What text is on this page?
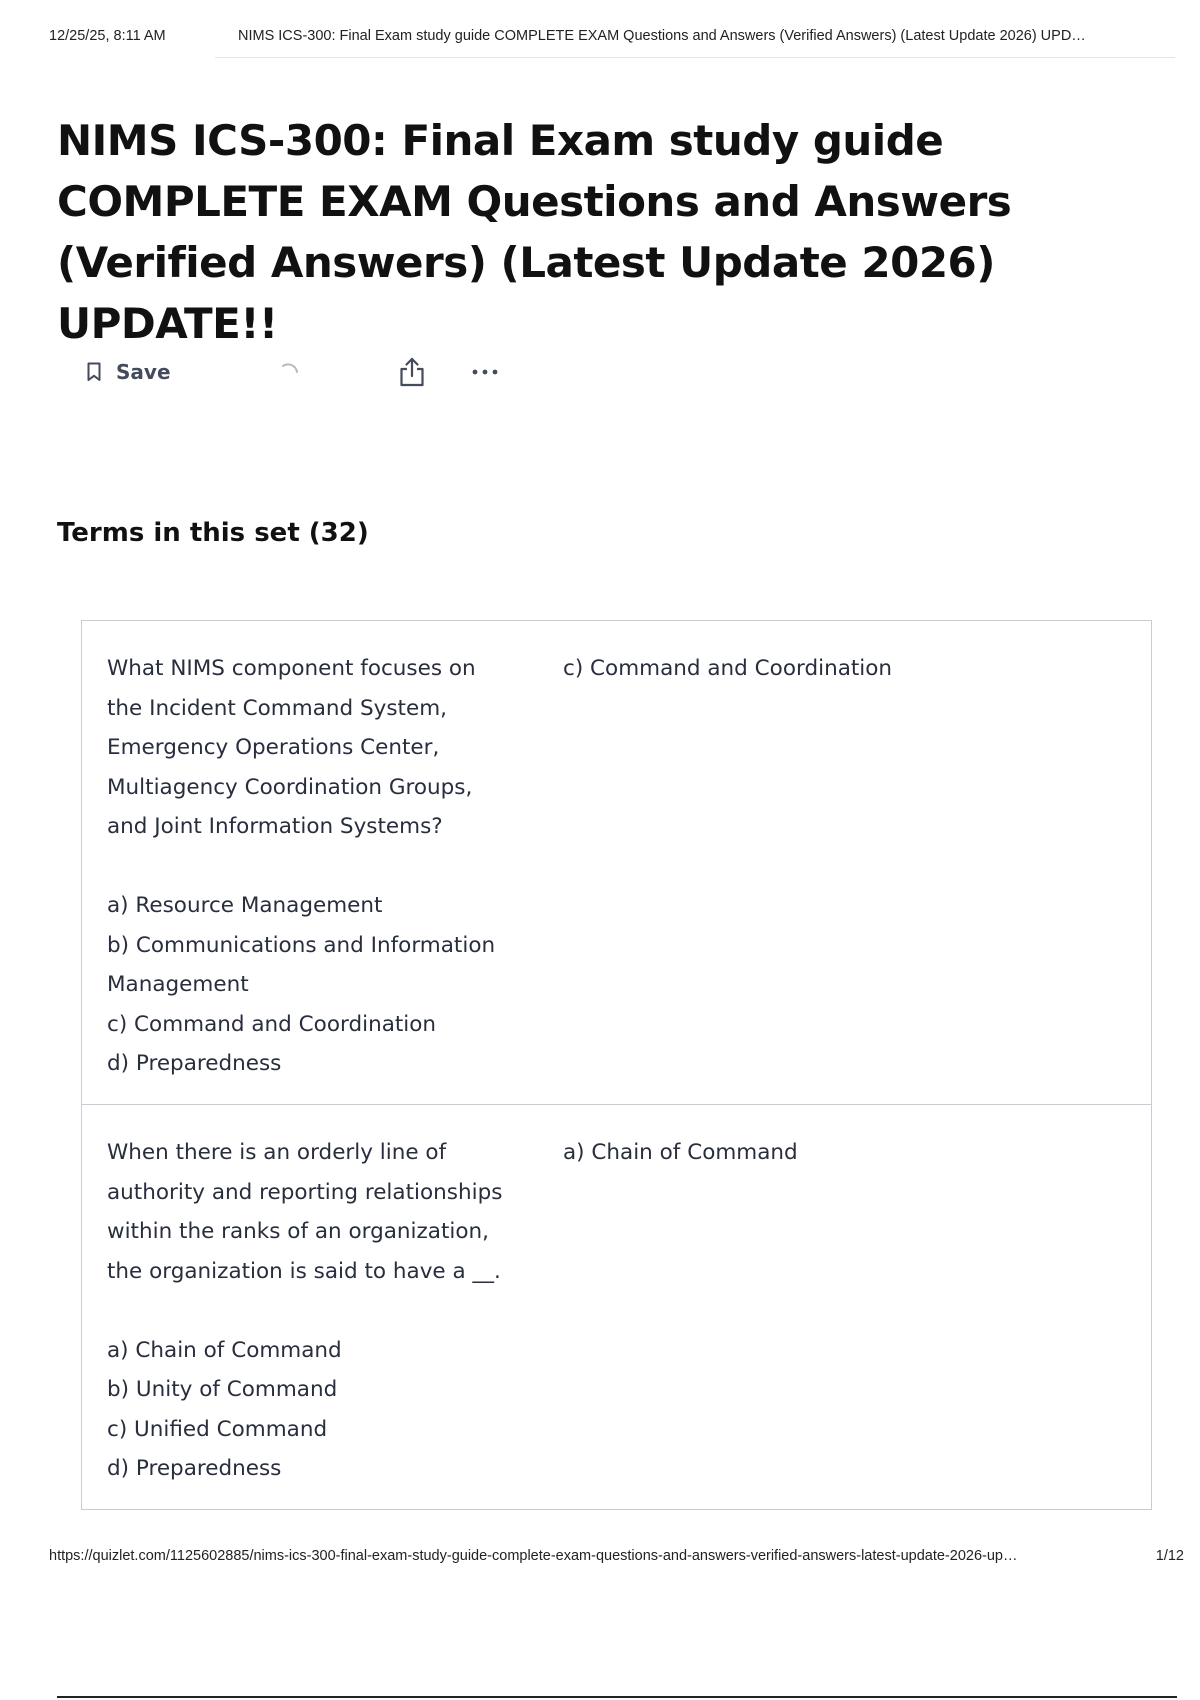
12/25/25, 8:11 AM	NIMS ICS-300: Final Exam study guide COMPLETE EXAM Questions and Answers (Verified Answers) (Latest Update 2026) UPD…
NIMS ICS-300: Final Exam study guide COMPLETE EXAM Questions and Answers (Verified Answers) (Latest Update 2026) UPDATE!!
Save
Terms in this set (32)
What NIMS component focuses on the Incident Command System, Emergency Operations Center, Multiagency Coordination Groups, and Joint Information Systems?

a) Resource Management
b) Communications and Information Management
c) Command and Coordination
d) Preparedness
c) Command and Coordination
When there is an orderly line of authority and reporting relationships within the ranks of an organization, the organization is said to have a __.

a) Chain of Command
b) Unity of Command
c) Unified Command
d) Preparedness
a) Chain of Command
https://quizlet.com/1125602885/nims-ics-300-final-exam-study-guide-complete-exam-questions-and-answers-verified-answers-latest-update-2026-up…	1/12
